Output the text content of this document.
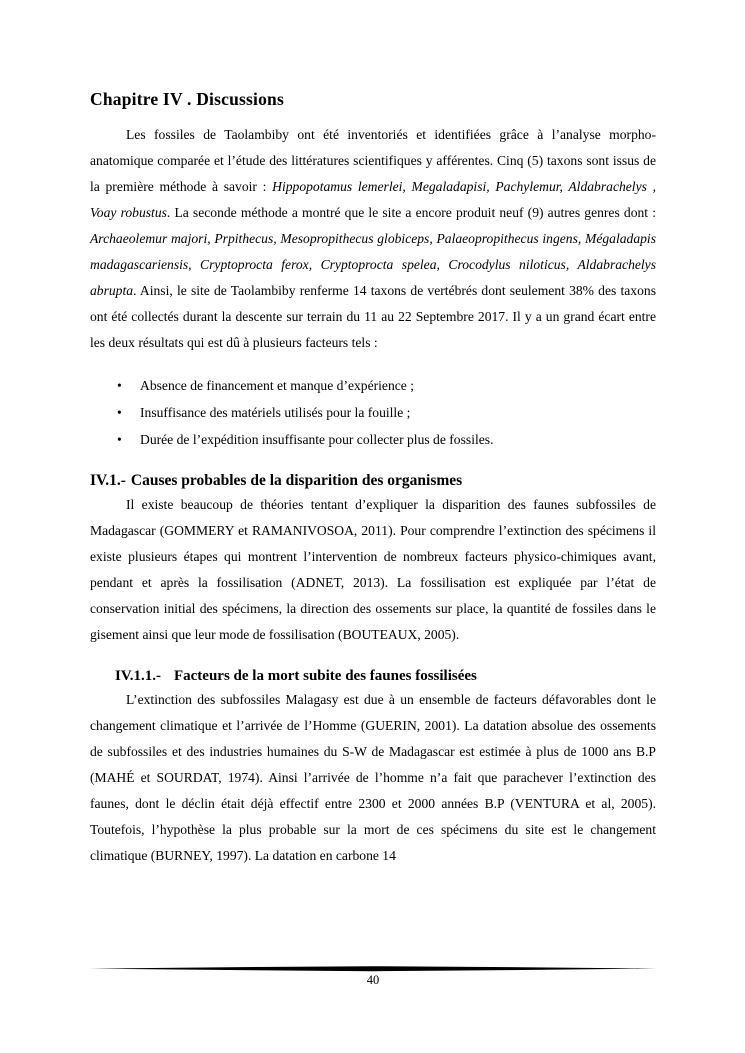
Chapitre IV . Discussions

Les fossiles de Taolambiby ont été inventoriés et identifiées grâce à l’analyse morpho-anatomique comparée et l’étude des littératures scientifiques y afférentes. Cinq (5) taxons sont issus de la première méthode à savoir : Hippopotamus lemerlei, Megaladapisi, Pachylemur, Aldabrachelys , Voay robustus. La seconde méthode a montré que le site a encore produit neuf (9) autres genres dont : Archaeolemur majori, Prpithecus, Mesopropithecus globiceps, Palaeopropithecus ingens, Mégaladapis madagascariensis, Cryptoprocta ferox, Cryptoprocta spelea, Crocodylus niloticus, Aldabrachelys abrupta. Ainsi, le site de Taolambiby renferme 14 taxons de vertébrés dont seulement 38% des taxons ont été collectés durant la descente sur terrain du 11 au 22 Septembre 2017. Il y a un grand écart entre les deux résultats qui est dû à plusieurs facteurs tels :

• Absence de financement et manque d’expérience ;
• Insuffisance des matériels utilisés pour la fouille ;
• Durée de l’expédition insuffisante pour collecter plus de fossiles.
IV.1.- Causes probables de la disparition des organismes

Il existe beaucoup de théories tentant d’expliquer la disparition des faunes subfossiles de Madagascar (GOMMERY et RAMANIVOSOA, 2011). Pour comprendre l’extinction des spécimens il existe plusieurs étapes qui montrent l’intervention de nombreux facteurs physico-chimiques avant, pendant et après la fossilisation (ADNET, 2013). La fossilisation est expliquée par l’état de conservation initial des spécimens, la direction des ossements sur place, la quantité de fossiles dans le gisement ainsi que leur mode de fossilisation (BOUTEAUX, 2005).

IV.1.1.- Facteurs de la mort subite des faunes fossilisées

L’extinction des subfossiles Malagasy est due à un ensemble de facteurs défavorables dont le changement climatique et l’arrivée de l’Homme (GUERIN, 2001). La datation absolue des ossements de subfossiles et des industries humaines du S-W de Madagascar est estimée à plus de 1000 ans B.P (MAHÉ et SOURDAT, 1974). Ainsi l’arrivée de l’homme n’a fait que parachever l’extinction des faunes, dont le déclin était déjà effectif entre 2300 et 2000 années B.P (VENTURA et al, 2005). Toutefois, l’hypothèse la plus probable sur la mort de ces spécimens du site est le changement climatique (BURNEY, 1997). La datation en carbone 14

40
